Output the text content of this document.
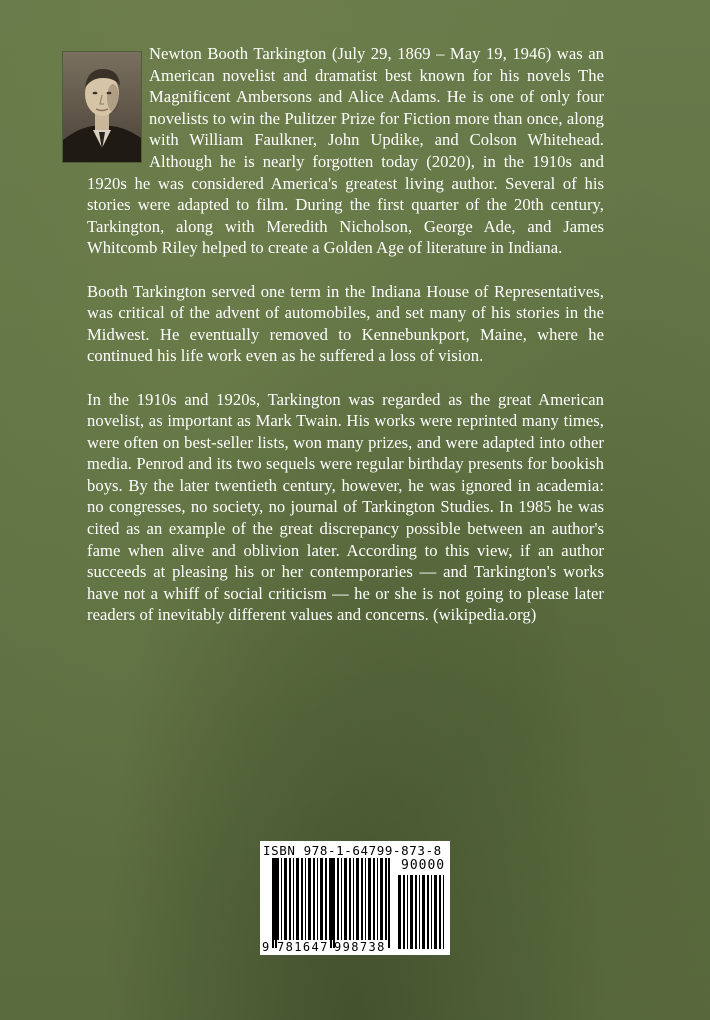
Newton Booth Tarkington (July 29, 1869 – May 19, 1946) was an American novelist and dramatist best known for his novels The Magnificent Ambersons and Alice Adams. He is one of only four novelists to win the Pulitzer Prize for Fiction more than once, along with William Faulkner, John Updike, and Colson Whitehead. Although he is nearly forgotten today (2020), in the 1910s and 1920s he was considered America's greatest living author. Several of his stories were adapted to film. During the first quarter of the 20th century, Tarkington, along with Meredith Nicholson, George Ade, and James Whitcomb Riley helped to create a Golden Age of literature in Indiana.

Booth Tarkington served one term in the Indiana House of Representatives, was critical of the advent of automobiles, and set many of his stories in the Midwest. He eventually removed to Kennebunkport, Maine, where he continued his life work even as he suffered a loss of vision.

In the 1910s and 1920s, Tarkington was regarded as the great American novelist, as important as Mark Twain. His works were reprinted many times, were often on best-seller lists, won many prizes, and were adapted into other media. Penrod and its two sequels were regular birthday presents for bookish boys. By the later twentieth century, however, he was ignored in academia: no congresses, no society, no journal of Tarkington Studies. In 1985 he was cited as an example of the great discrepancy possible between an author's fame when alive and oblivion later. According to this view, if an author succeeds at pleasing his or her contemporaries — and Tarkington's works have not a whiff of social criticism — he or she is not going to please later readers of inevitably different values and concerns. (wikipedia.org)

ISBN 978-1-64799-873-8
90000
9 781647 998738
